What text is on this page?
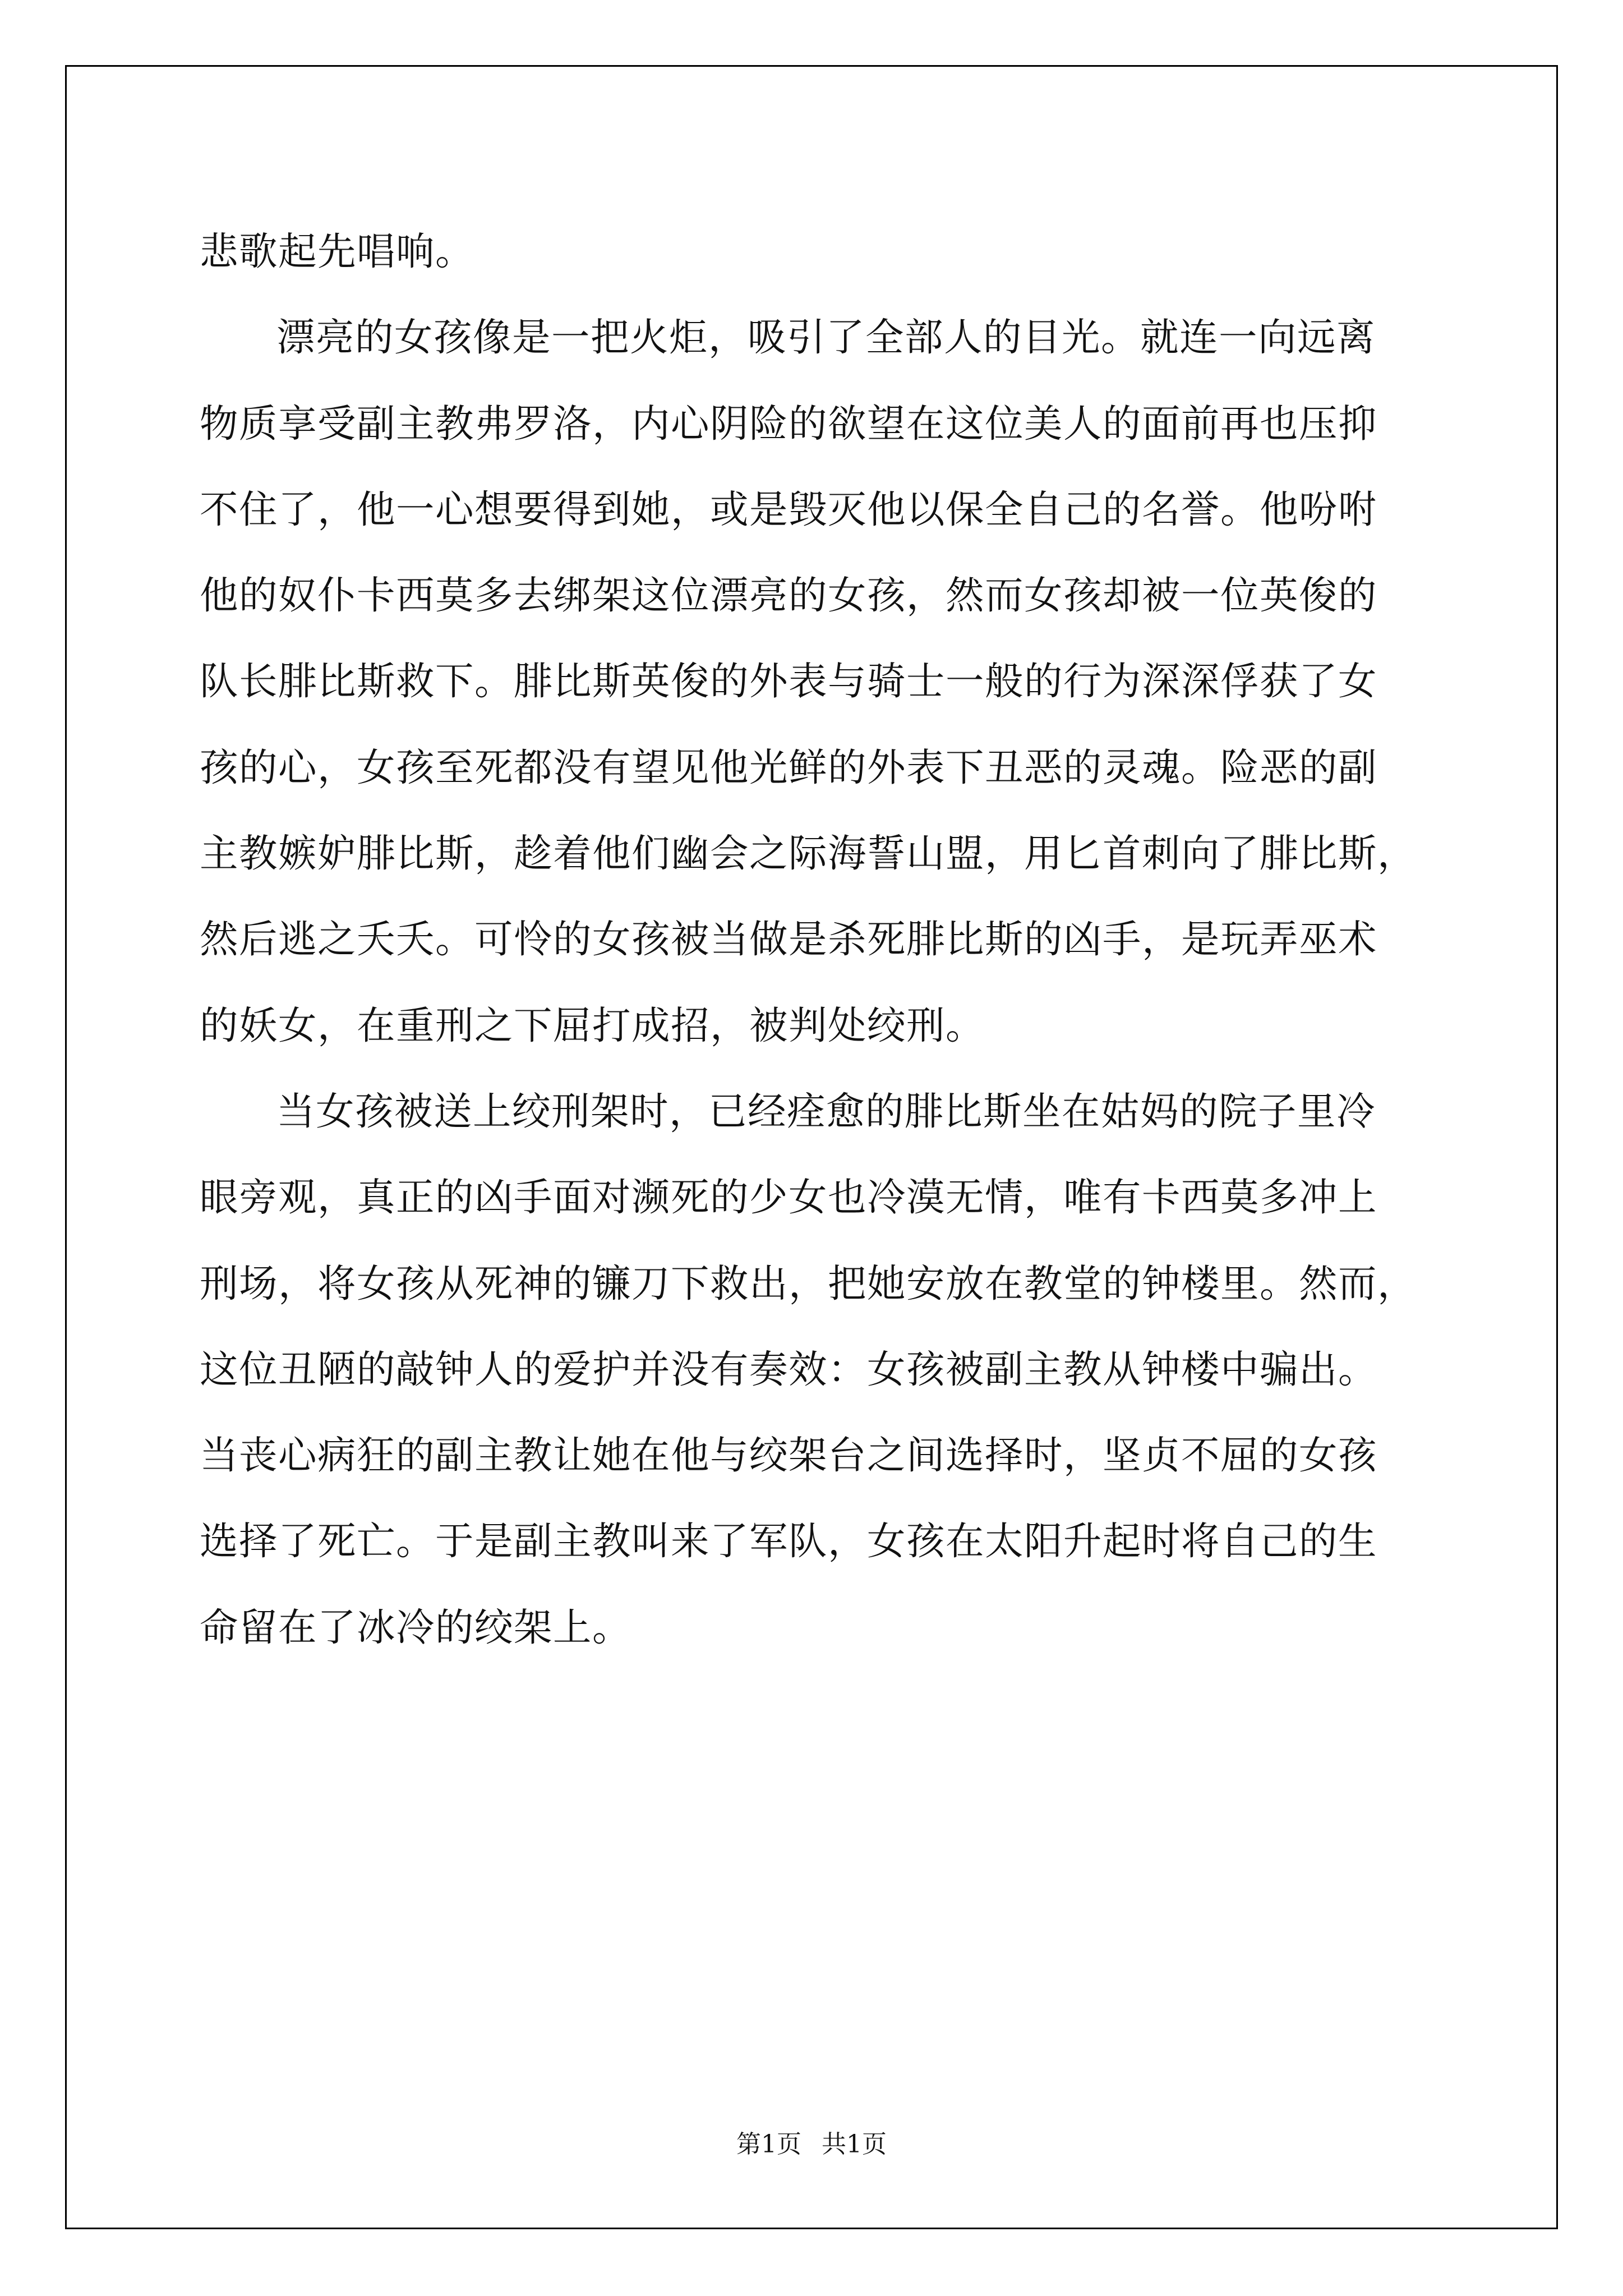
悲歌起先唱响。
漂亮的女孩像是一把火炬，吸引了全部人的目光。就连一向远离
物质享受副主教弗罗洛，内心阴险的欲望在这位美人的面前再也压抑
不住了，他一心想要得到她，或是毁灭他以保全自己的名誉。他吩咐
他的奴仆卡西莫多去绑架这位漂亮的女孩，然而女孩却被一位英俊的
队长腓比斯救下。腓比斯英俊的外表与骑士一般的行为深深俘获了女
孩的心，女孩至死都没有望见他光鲜的外表下丑恶的灵魂。险恶的副
主教嫉妒腓比斯，趁着他们幽会之际海誓山盟，用匕首刺向了腓比斯，
然后逃之夭夭。可怜的女孩被当做是杀死腓比斯的凶手，是玩弄巫术
的妖女，在重刑之下屈打成招，被判处绞刑。
当女孩被送上绞刑架时，已经痊愈的腓比斯坐在姑妈的院子里冷
眼旁观，真正的凶手面对濒死的少女也冷漠无情，唯有卡西莫多冲上
刑场，将女孩从死神的镰刀下救出，把她安放在教堂的钟楼里。然而，
这位丑陋的敲钟人的爱护并没有奏效：女孩被副主教从钟楼中骗出。
当丧心病狂的副主教让她在他与绞架台之间选择时，坚贞不屈的女孩
选择了死亡。于是副主教叫来了军队，女孩在太阳升起时将自己的生
命留在了冰冷的绞架上。
第1页 共1页
